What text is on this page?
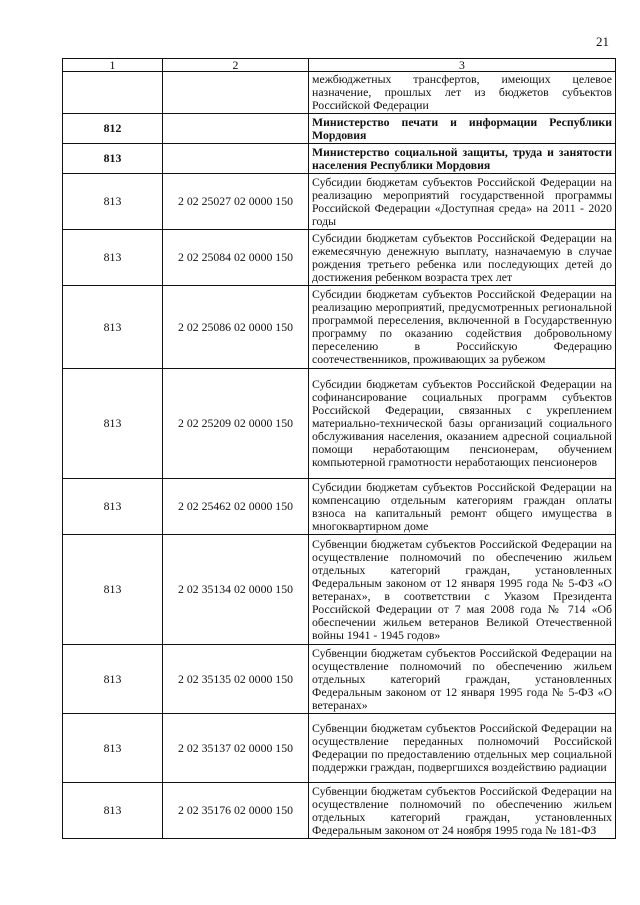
21
1	2	3
		межбюджетных трансфертов, имеющих целевое назначение, прошлых лет из бюджетов субъектов Российской Федерации
812		Министерство печати и информации Республики Мордовия
813		Министерство социальной защиты, труда и занятости населения Республики Мордовия
813	2 02 25027 02 0000 150	Субсидии бюджетам субъектов Российской Федерации на реализацию мероприятий государственной программы Российской Федерации «Доступная среда» на 2011 - 2020 годы
813	2 02 25084 02 0000 150	Субсидии бюджетам субъектов Российской Федерации на ежемесячную денежную выплату, назначаемую в случае рождения третьего ребенка или последующих детей до достижения ребенком возраста трех лет
813	2 02 25086 02 0000 150	Субсидии бюджетам субъектов Российской Федерации на реализацию мероприятий, предусмотренных региональной программой переселения, включенной в Государственную программу по оказанию содействия добровольному переселению в Российскую Федерацию соотечественников, проживающих за рубежом
813	2 02 25209 02 0000 150	Субсидии бюджетам субъектов Российской Федерации на софинансирование социальных программ субъектов Российской Федерации, связанных с укреплением материально-технической базы организаций социального обслуживания населения, оказанием адресной социальной помощи неработающим пенсионерам, обучением компьютерной грамотности неработающих пенсионеров
813	2 02 25462 02 0000 150	Субсидии бюджетам субъектов Российской Федерации на компенсацию отдельным категориям граждан оплаты взноса на капитальный ремонт общего имущества в многоквартирном доме
813	2 02 35134 02 0000 150	Субвенции бюджетам субъектов Российской Федерации на осуществление полномочий по обеспечению жильем отдельных категорий граждан, установленных Федеральным законом от 12 января 1995 года № 5-ФЗ «О ветеранах», в соответствии с Указом Президента Российской Федерации от 7 мая 2008 года № 714 «Об обеспечении жильем ветеранов Великой Отечественной войны 1941 - 1945 годов»
813	2 02 35135 02 0000 150	Субвенции бюджетам субъектов Российской Федерации на осуществление полномочий по обеспечению жильем отдельных категорий граждан, установленных Федеральным законом от 12 января 1995 года № 5-ФЗ «О ветеранах»
813	2 02 35137 02 0000 150	Субвенции бюджетам субъектов Российской Федерации на осуществление переданных полномочий Российской Федерации по предоставлению отдельных мер социальной поддержки граждан, подвергшихся воздействию радиации
813	2 02 35176 02 0000 150	Субвенции бюджетам субъектов Российской Федерации на осуществление полномочий по обеспечению жильем отдельных категорий граждан, установленных Федеральным законом от 24 ноября 1995 года № 181-ФЗ
